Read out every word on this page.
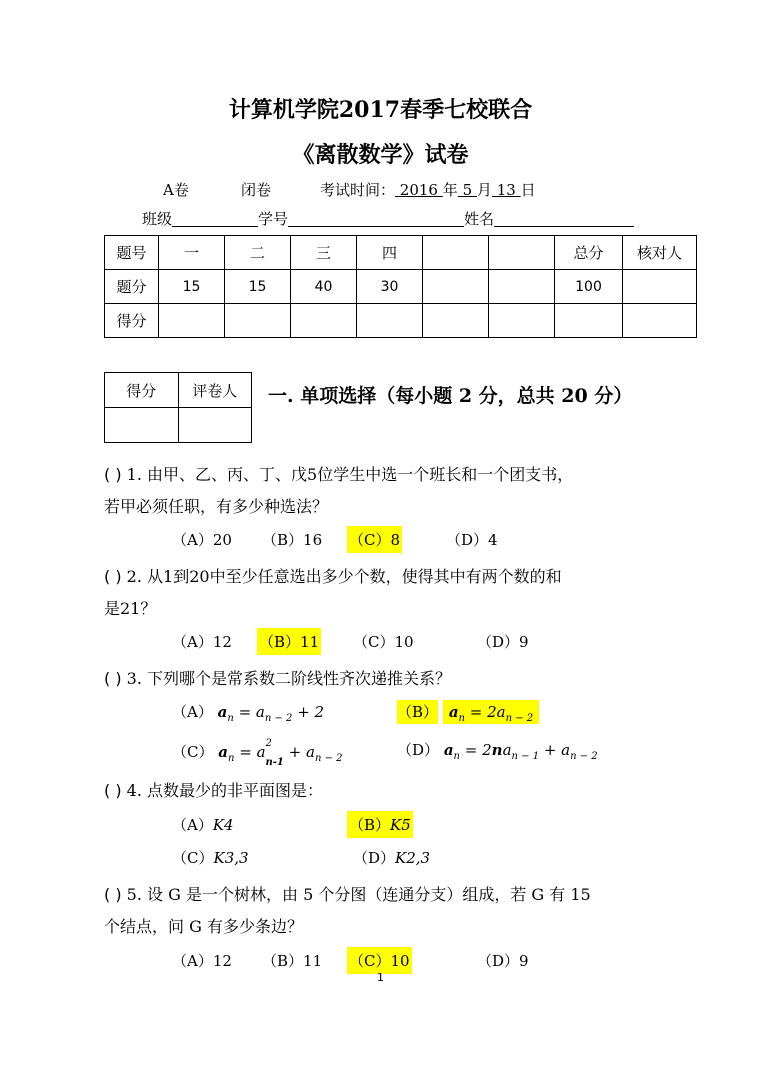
计算机学院2017春季七校联合
《离散数学》试卷
A卷	闭卷	考试时间： 2016 年 5 月 13 日
班级	学号	姓名
题号	一	二	三	四			总分	核对人
题分	15	15	40	30			100	
得分								
得分	评卷人
	一. 单项选择（每小题 2 分，总共 20 分）
( ) 1. 由甲、乙、丙、丁、戊5位学生中选一个班长和一个团支书，
若甲必须任职，有多少种选法？
（A）20 （B）16 （C）8	（D）4
( ) 2. 从1到20中至少任意选出多少个数，使得其中有两个数的和
是21？
（A）12 （B）11 （C）10	（D）9
( ) 3. 下列哪个是常系数二阶线性齐次递推关系？
（A） $a_n = a_{n - 2} + 2$	（B） $a_n = 2a_{n - 2}$
（C） $a_n = a^2$
$_{n-1} + a_{n - 2}$	（D） $a_n = 2na_{n - 1} + a_{n - 2}$
( ) 4. 点数最少的非平面图是：
（A）K4	（B）K5
（C）K3,3	（D）K2,3
( ) 5. 设 G 是一个树林，由 5 个分图（连通分支）组成，若 G 有 15
个结点，问 G 有多少条边？
（A）12 （B）11 （C）10	（D）9
1
